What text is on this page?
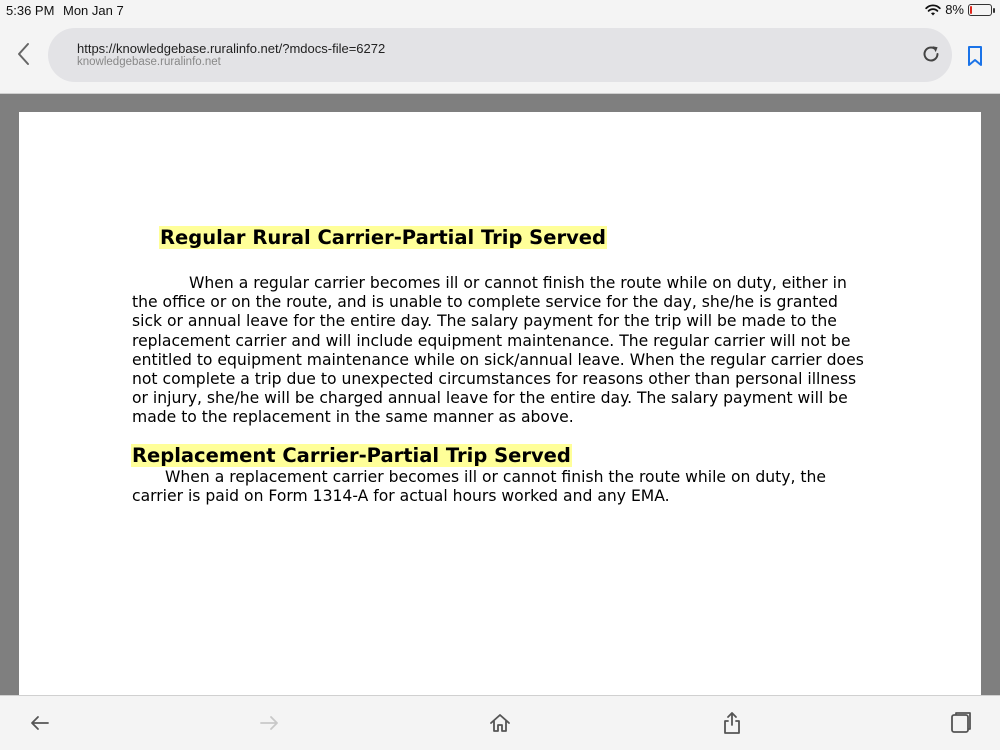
5:36 PM Mon Jan 7	8%
https://knowledgebase.ruralinfo.net/?mdocs-file=6272
knowledgebase.ruralinfo.net
Regular Rural Carrier-Partial Trip Served
When a regular carrier becomes ill or cannot finish the route while on duty, either in the office or on the route, and is unable to complete service for the day, she/he is granted sick or annual leave for the entire day. The salary payment for the trip will be made to the replacement carrier and will include equipment maintenance. The regular carrier will not be entitled to equipment maintenance while on sick/annual leave. When the regular carrier does not complete a trip due to unexpected circumstances for reasons other than personal illness or injury, she/he will be charged annual leave for the entire day. The salary payment will be made to the replacement in the same manner as above.
Replacement Carrier-Partial Trip Served
When a replacement carrier becomes ill or cannot finish the route while on duty, the carrier is paid on Form 1314-A for actual hours worked and any EMA.
